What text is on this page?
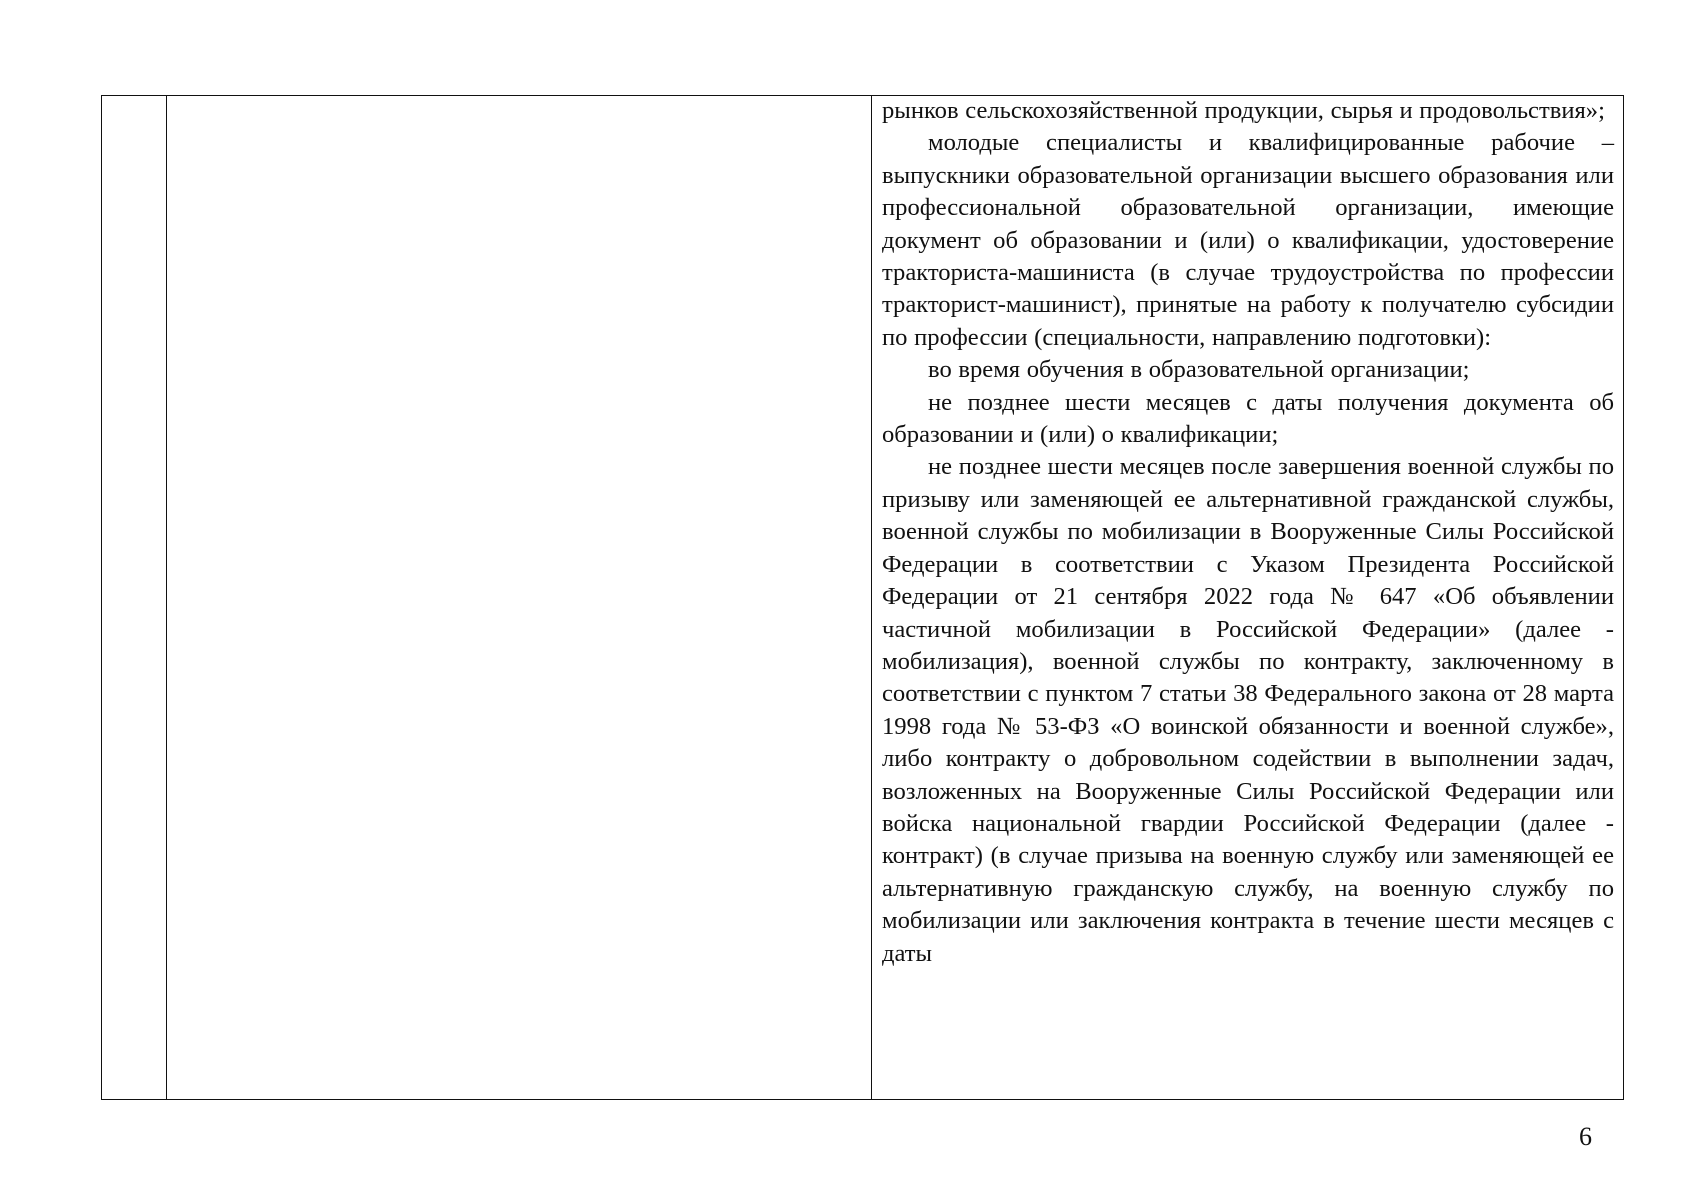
рынков сельскохозяйственной продукции, сырья и продовольствия»;

молодые специалисты и квалифицированные рабочие – выпускники образовательной организации высшего образования или профессиональной образовательной организации, имеющие документ об образовании и (или) о квалификации, удостоверение тракториста-машиниста (в случае трудоустройства по профессии тракторист-машинист), принятые на работу к получателю субсидии по профессии (специальности, направлению подготовки):

во время обучения в образовательной организации;

не позднее шести месяцев с даты получения документа об образовании и (или) о квалификации;

не позднее шести месяцев после завершения военной службы по призыву или заменяющей ее альтернативной гражданской службы, военной службы по мобилизации в Вооруженные Силы Российской Федерации в соответствии с Указом Президента Российской Федерации от 21 сентября 2022 года № 647 «Об объявлении частичной мобилизации в Российской Федерации» (далее - мобилизация), военной службы по контракту, заключенному в соответствии с пунктом 7 статьи 38 Федерального закона от 28 марта 1998 года № 53-ФЗ «О воинской обязанности и военной службе», либо контракту о добровольном содействии в выполнении задач, возложенных на Вооруженные Силы Российской Федерации или войска национальной гвардии Российской Федерации (далее - контракт) (в случае призыва на военную службу или заменяющей ее альтернативную гражданскую службу, на военную службу по мобилизации или заключения контракта в течение шести месяцев с даты

6
